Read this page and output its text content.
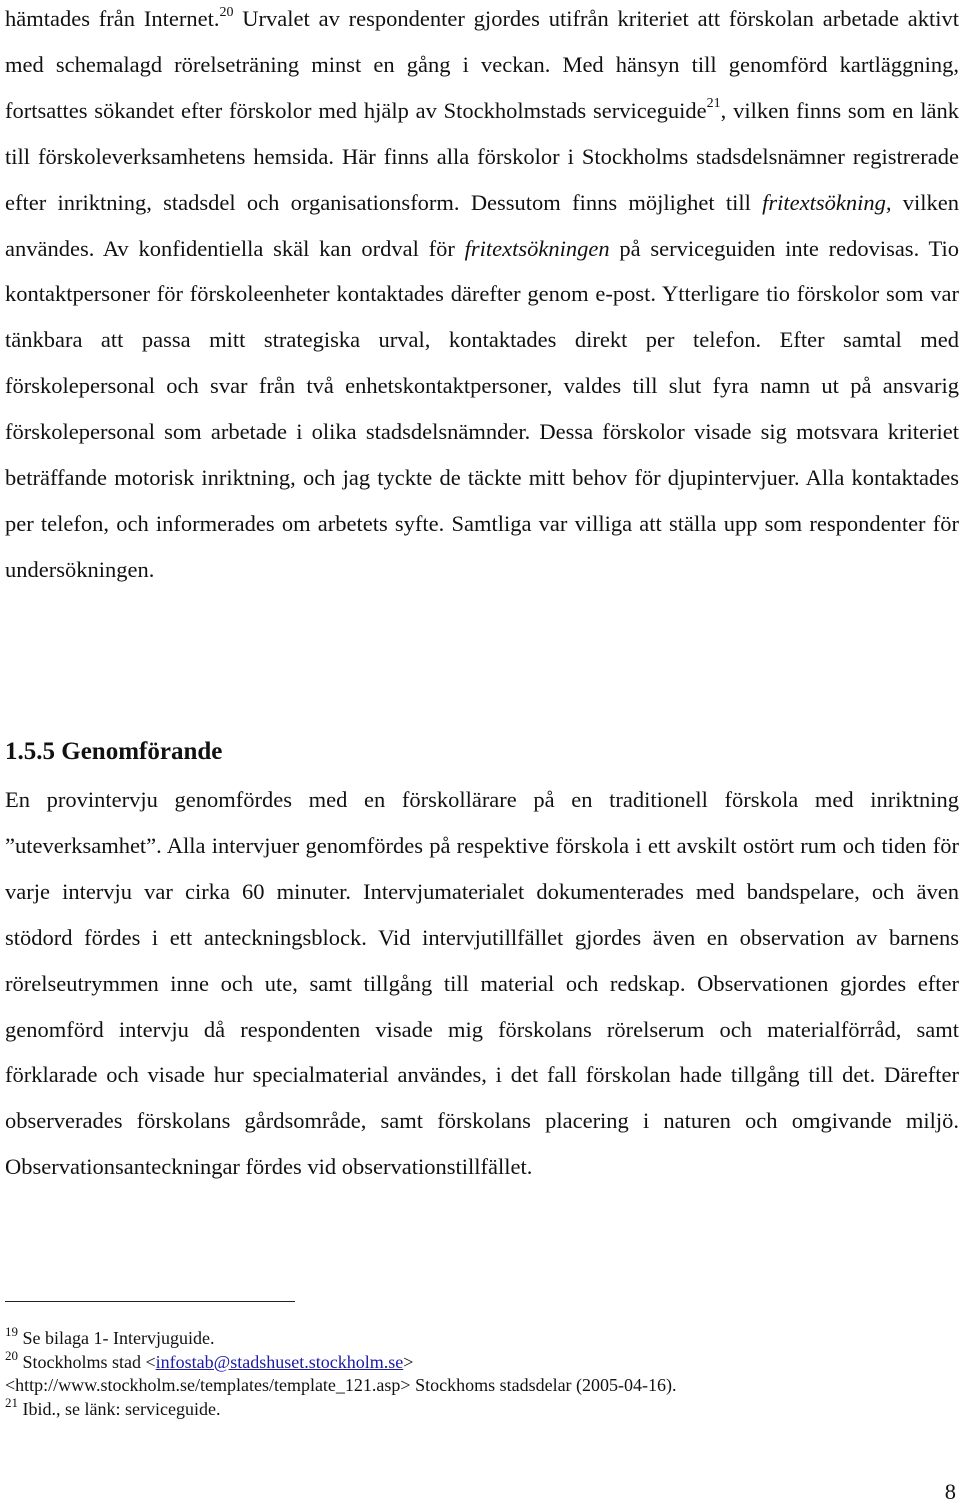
hämtades från Internet.$^{20}$ Urvalet av respondenter gjordes utifrån kriteriet att förskolan arbetade aktivt med schemalagd rörelseträning minst en gång i veckan. Med hänsyn till genomförd kartläggning, fortsattes sökandet efter förskolor med hjälp av Stockholmstads serviceguide$^{21}$, vilken finns som en länk till förskoleverksamhetens hemsida. Här finns alla förskolor i Stockholms stadsdelsnämner registrerade efter inriktning, stadsdel och organisationsform. Dessutom finns möjlighet till fritextsökning, vilken användes. Av konfidentiella skäl kan ordval för fritextsökningen på serviceguiden inte redovisas. Tio kontaktpersoner för förskoleenheter kontaktades därefter genom e-post. Ytterligare tio förskolor som var tänkbara att passa mitt strategiska urval, kontaktades direkt per telefon. Efter samtal med förskolepersonal och svar från två enhetskontaktpersoner, valdes till slut fyra namn ut på ansvarig förskolepersonal som arbetade i olika stadsdelsnämnder. Dessa förskolor visade sig motsvara kriteriet beträffande motorisk inriktning, och jag tyckte de täckte mitt behov för djupintervjuer. Alla kontaktades per telefon, och informerades om arbetets syfte. Samtliga var villiga att ställa upp som respondenter för undersökningen.

1.5.5 Genomförande

En provintervju genomfördes med en förskollärare på en traditionell förskola med inriktning ”uteverksamhet”. Alla intervjuer genomfördes på respektive förskola i ett avskilt ostört rum och tiden för varje intervju var cirka 60 minuter. Intervjumaterialet dokumenterades med bandspelare, och även stödord fördes i ett anteckningsblock. Vid intervjutillfället gjordes även en observation av barnens rörelseutrymmen inne och ute, samt tillgång till material och redskap. Observationen gjordes efter genomförd intervju då respondenten visade mig förskolans rörelserum och materialförråd, samt förklarade och visade hur specialmaterial användes, i det fall förskolan hade tillgång till det. Därefter observerades förskolans gårdsområde, samt förskolans placering i naturen och omgivande miljö. Observationsanteckningar fördes vid observationstillfället.

$^{19}$ Se bilaga 1- Intervjuguide.

$^{20}$ Stockholms stad <infostab@stadshuset.stockholm.se>

<http://www.stockholm.se/templates/template_121.asp> Stockhoms stadsdelar (2005-04-16).

$^{21}$ Ibid., se länk: serviceguide.

8
